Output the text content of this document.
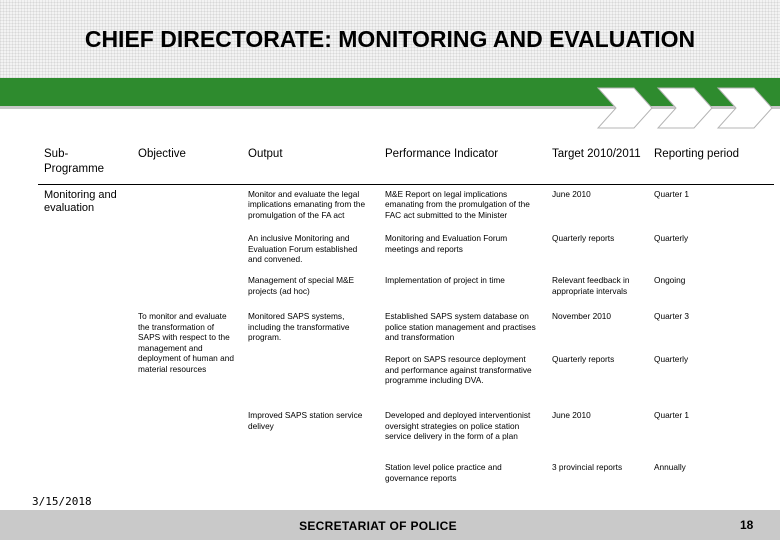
CHIEF DIRECTORATE: MONITORING AND EVALUATION
Sub-Programme	Objective	Output	Performance Indicator	Target 2010/2011	Reporting period
Monitoring and evaluation		Monitor and evaluate the legal implications emanating from the promulgation of the FA act	M&E Report on legal implications emanating from the promulgation of the FAC act submitted to the Minister	June 2010	Quarter 1
		An inclusive Monitoring and Evaluation Forum established and convened.	Monitoring and Evaluation Forum meetings and reports	Quarterly reports	Quarterly
		Management of special M&E projects (ad hoc)	Implementation of project in time	Relevant feedback in appropriate intervals	Ongoing
	To monitor and evaluate the transformation of SAPS with respect to the management and deployment of human and material resources	Monitored SAPS systems, including the transformative program.	Established SAPS system database on police station management and practises and transformation	November 2010	Quarter 3
			Report on SAPS resource deployment and performance against transformative programme including DVA.	Quarterly reports	Quarterly
		Improved SAPS station service delivey	Developed and deployed interventionist oversight strategies on police station service delivery in the form of a plan	June 2010	Quarter 1
			Station level police practice and governance reports	3 provincial reports	Annually
3/15/2018
SECRETARIAT OF POLICE	18
